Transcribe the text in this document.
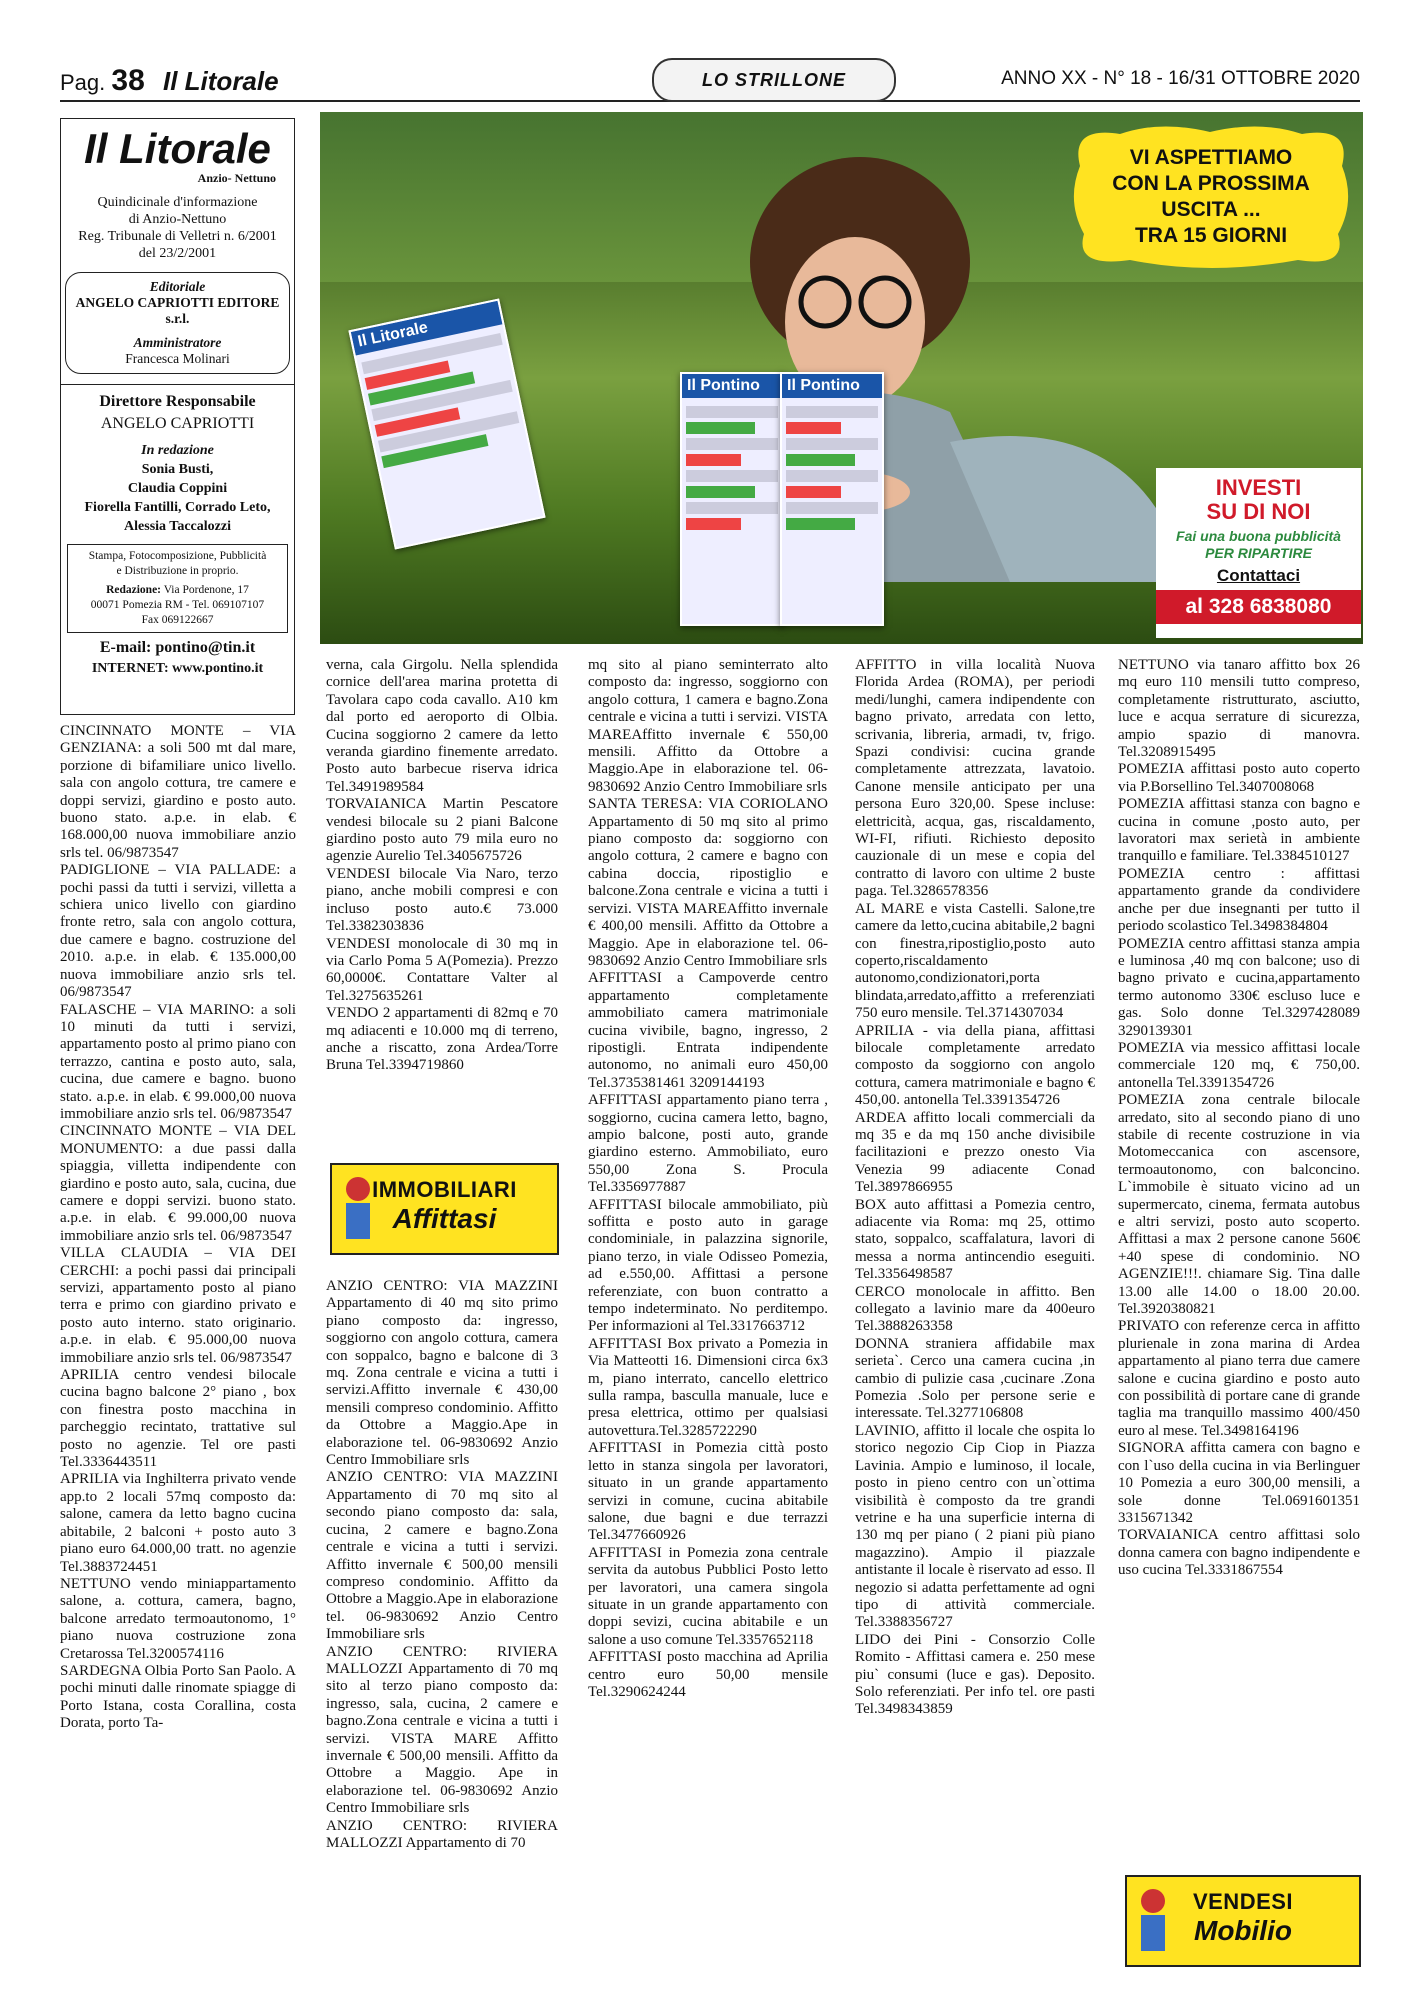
Pag. 38 Il Litorale	LO STRILLONE	ANNO XX - N° 18 - 16/31 OTTOBRE 2020
Il Litorale
Anzio- Nettuno
Quindicinale d'informazione
di Anzio-Nettuno
Reg. Tribunale di Velletri n. 6/2001
del 23/2/2001
Editoriale
ANGELO CAPRIOTTI EDITORE s.r.l.
Amministratore
Francesca Molinari
Direttore Responsabile
ANGELO CAPRIOTTI
In redazione
Sonia Busti,
Claudia Coppini
Fiorella Fantilli, Corrado Leto,
Alessia Taccalozzi
Stampa, Fotocomposizione, Pubblicità
e Distribuzione in proprio.
Redazione: Via Pordenone, 17
00071 Pomezia RM - Tel. 069107107
Fax 069122667
E-mail: pontino@tin.it
INTERNET: www.pontino.it
VI ASPETTIAMO
CON LA PROSSIMA
USCITA ...
TRA 15 GIORNI
Il Litorale
Il Pontino	Il Pontino
INVESTI
SU DI NOI
Fai una buona pubblicità
PER RIPARTIRE
Contattaci
al 328 6838080

CINCINNATO MONTE – VIA GENZIANA: a soli 500 mt dal mare, porzione di bifamiliare unico livello. sala con angolo cottura, tre camere e doppi servizi, giardino e posto auto. buono stato. a.p.e. in elab. € 168.000,00 nuova immobiliare anzio srls tel. 06/9873547

PADIGLIONE – VIA PALLADE: a pochi passi da tutti i servizi, villetta a schiera unico livello con giardino fronte retro, sala con angolo cottura, due camere e bagno. costruzione del 2010. a.p.e. in elab. € 135.000,00 nuova immobiliare anzio srls tel. 06/9873547

FALASCHE – VIA MARINO: a soli 10 minuti da tutti i servizi, appartamento posto al primo piano con terrazzo, cantina e posto auto, sala, cucina, due camere e bagno. buono stato. a.p.e. in elab. € 99.000,00 nuova immobiliare anzio srls tel. 06/9873547

CINCINNATO MONTE – VIA DEL MONUMENTO: a due passi dalla spiaggia, villetta indipendente con giardino e posto auto, sala, cucina, due camere e doppi servizi. buono stato. a.p.e. in elab. € 99.000,00 nuova immobiliare anzio srls tel. 06/9873547

VILLA CLAUDIA – VIA DEI CERCHI: a pochi passi dai principali servizi, appartamento posto al piano terra e primo con giardino privato e posto auto interno. stato originario. a.p.e. in elab. € 95.000,00 nuova immobiliare anzio srls tel. 06/9873547

APRILIA centro vendesi bilocale cucina bagno balcone 2° piano , box con finestra posto macchina in parcheggio recintato, trattative sul posto no agenzie. Tel ore pasti Tel.3336443511

APRILIA via Inghilterra privato vende app.to 2 locali 57mq composto da: salone, camera da letto bagno cucina abitabile, 2 balconi + posto auto 3 piano euro 64.000,00 tratt. no agenzie Tel.3883724451

NETTUNO vendo miniappartamento salone, a. cottura, camera, bagno, balcone arredato termoautonomo, 1° piano nuova costruzione zona Cretarossa Tel.3200574116

SARDEGNA Olbia Porto San Paolo. A pochi minuti dalle rinomate spiagge di Porto Istana, costa Corallina, costa Dorata, porto Ta-

verna, cala Girgolu. Nella splendida cornice dell'area marina protetta di Tavolara capo coda cavallo. A10 km dal porto ed aeroporto di Olbia. Cucina soggiorno 2 camere da letto veranda giardino finemente arredato. Posto auto barbecue riserva idrica Tel.3491989584

TORVAIANICA Martin Pescatore vendesi bilocale su 2 piani Balcone giardino posto auto 79 mila euro no agenzie Aurelio Tel.3405675726

VENDESI bilocale Via Naro, terzo piano, anche mobili compresi e con incluso posto auto.€ 73.000 Tel.3382303836

VENDESI monolocale di 30 mq in via Carlo Poma 5 A(Pomezia). Prezzo 60,0000€. Contattare Valter al Tel.3275635261

VENDO 2 appartamenti di 82mq e 70 mq adiacenti e 10.000 mq di terreno, anche a riscatto, zona Ardea/Torre Bruna Tel.3394719860

IMMOBILIARI
Affittasi

ANZIO CENTRO: VIA MAZZINI Appartamento di 40 mq sito primo piano composto da: ingresso, soggiorno con angolo cottura, camera con soppalco, bagno e balcone di 3 mq. Zona centrale e vicina a tutti i servizi.Affitto invernale € 430,00 mensili compreso condominio. Affitto da Ottobre a Maggio.Ape in elaborazione tel. 06-9830692 Anzio Centro Immobiliare srls

ANZIO CENTRO: VIA MAZZINI Appartamento di 70 mq sito al secondo piano composto da: sala, cucina, 2 camere e bagno.Zona centrale e vicina a tutti i servizi. Affitto invernale € 500,00 mensili compreso condominio. Affitto da Ottobre a Maggio.Ape in elaborazione tel. 06-9830692 Anzio Centro Immobiliare srls

ANZIO CENTRO: RIVIERA MALLOZZI Appartamento di 70 mq sito al terzo piano composto da: ingresso, sala, cucina, 2 camere e bagno.Zona centrale e vicina a tutti i servizi. VISTA MARE Affitto invernale € 500,00 mensili. Affitto da Ottobre a Maggio. Ape in elaborazione tel. 06-9830692 Anzio Centro Immobiliare srls

ANZIO CENTRO: RIVIERA MALLOZZI Appartamento di 70

mq sito al piano seminterrato alto composto da: ingresso, soggiorno con angolo cottura, 1 camera e bagno.Zona centrale e vicina a tutti i servizi. VISTA MAREAffitto invernale € 550,00 mensili. Affitto da Ottobre a Maggio.Ape in elaborazione tel. 06-9830692 Anzio Centro Immobiliare srls

SANTA TERESA: VIA CORIOLANO Appartamento di 50 mq sito al primo piano composto da: soggiorno con angolo cottura, 2 camere e bagno con cabina doccia, ripostiglio e balcone.Zona centrale e vicina a tutti i servizi. VISTA MAREAffitto invernale € 400,00 mensili. Affitto da Ottobre a Maggio. Ape in elaborazione tel. 06-9830692 Anzio Centro Immobiliare srls

AFFITTASI a Campoverde centro appartamento completamente ammobiliato camera matrimoniale cucina vivibile, bagno, ingresso, 2 ripostigli. Entrata indipendente autonomo, no animali euro 450,00 Tel.3735381461 3209144193

AFFITTASI appartamento piano terra , soggiorno, cucina camera letto, bagno, ampio balcone, posti auto, grande giardino esterno. Ammobiliato, euro 550,00 Zona S. Procula Tel.3356977887

AFFITTASI bilocale ammobiliato, più soffitta e posto auto in garage condominiale, in palazzina signorile, piano terzo, in viale Odisseo Pomezia, ad e.550,00. Affittasi a persone referenziate, con buon contratto a tempo indeterminato. No perditempo. Per informazioni al Tel.3317663712

AFFITTASI Box privato a Pomezia in Via Matteotti 16. Dimensioni circa 6x3 m, piano interrato, cancello elettrico sulla rampa, basculla manuale, luce e presa elettrica, ottimo per qualsiasi autovettura.Tel.3285722290

AFFITTASI in Pomezia città posto letto in stanza singola per lavoratori, situato in un grande appartamento servizi in comune, cucina abitabile salone, due bagni e due terrazzi Tel.3477660926

AFFITTASI in Pomezia zona centrale servita da autobus Pubblici Posto letto per lavoratori, una camera singola situate in un grande appartamento con doppi sevizi, cucina abitabile e un salone a uso comune Tel.3357652118

AFFITTASI posto macchina ad Aprilia centro euro 50,00 mensile Tel.3290624244

AFFITTO in villa località Nuova Florida Ardea (ROMA), per periodi medi/lunghi, camera indipendente con bagno privato, arredata con letto, scrivania, libreria, armadi, tv, frigo. Spazi condivisi: cucina grande completamente attrezzata, lavatoio. Canone mensile anticipato per una persona Euro 320,00. Spese incluse: elettricità, acqua, gas, riscaldamento, WI-FI, rifiuti. Richiesto deposito cauzionale di un mese e copia del contratto di lavoro con ultime 2 buste paga. Tel.3286578356

AL MARE e vista Castelli. Salone,tre camere da letto,cucina abitabile,2 bagni con finestra,ripostiglio,posto auto coperto,riscaldamento autonomo,condizionatori,porta blindata,arredato,affitto a rreferenziati 750 euro mensile. Tel.3714307034

APRILIA - via della piana, affittasi bilocale completamente arredato composto da soggiorno con angolo cottura, camera matrimoniale e bagno € 450,00. antonella Tel.3391354726

ARDEA affitto locali commerciali da mq 35 e da mq 150 anche divisibile facilitazioni e prezzo onesto Via Venezia 99 adiacente Conad Tel.3897866955

BOX auto affittasi a Pomezia centro, adiacente via Roma: mq 25, ottimo stato, soppalco, scaffalatura, lavori di messa a norma antincendio eseguiti. Tel.3356498587

CERCO monolocale in affitto. Ben collegato a lavinio mare da 400euro Tel.3888263358

DONNA straniera affidabile max serieta`. Cerco una camera cucina ,in cambio di pulizie casa ,cucinare .Zona Pomezia .Solo per persone serie e interessate. Tel.3277106808

LAVINIO, affitto il locale che ospita lo storico negozio Cip Ciop in Piazza Lavinia. Ampio e luminoso, il locale, posto in pieno centro con un`ottima visibilità è composto da tre grandi vetrine e ha una superficie interna di 130 mq per piano ( 2 piani più piano magazzino). Ampio il piazzale antistante il locale è riservato ad esso. Il negozio si adatta perfettamente ad ogni tipo di attività commerciale. Tel.3388356727

LIDO dei Pini - Consorzio Colle Romito - Affittasi camera e. 250 mese piu` consumi (luce e gas). Deposito. Solo referenziati. Per info tel. ore pasti Tel.3498343859

NETTUNO via tanaro affitto box 26 mq euro 110 mensili tutto compreso, completamente ristrutturato, asciutto, luce e acqua serrature di sicurezza, ampio spazio di manovra. Tel.3208915495

POMEZIA affittasi posto auto coperto via P.Borsellino Tel.3407008068

POMEZIA affittasi stanza con bagno e cucina in comune ,posto auto, per lavoratori max serietà in ambiente tranquillo e familiare. Tel.3384510127

POMEZIA centro : affittasi appartamento grande da condividere anche per due insegnanti per tutto il periodo scolastico Tel.3498384804

POMEZIA centro affittasi stanza ampia e luminosa ,40 mq con balcone; uso di bagno privato e cucina,appartamento termo autonomo 330€ escluso luce e gas. Solo donne Tel.3297428089 3290139301

POMEZIA via messico affittasi locale commerciale 120 mq, € 750,00. antonella Tel.3391354726

POMEZIA zona centrale bilocale arredato, sito al secondo piano di uno stabile di recente costruzione in via Motomeccanica con ascensore, termoautonomo, con balconcino. L`immobile è situato vicino ad un supermercato, cinema, fermata autobus e altri servizi, posto auto scoperto. Affittasi a max 2 persone canone 560€+40 spese di condominio. NO AGENZIE!!!. chiamare Sig. Tina dalle 13.00 alle 14.00 o 18.00 20.00. Tel.3920380821

PRIVATO con referenze cerca in affitto plurienale in zona marina di Ardea appartamento al piano terra due camere salone e cucina giardino e posto auto con possibilità di portare cane di grande taglia ma tranquillo massimo 400/450 euro al mese. Tel.3498164196

SIGNORA affitta camera con bagno e con l`uso della cucina in via Berlinguer 10 Pomezia a euro 300,00 mensili, a sole donne Tel.0691601351 3315671342

TORVAIANICA centro affittasi solo donna camera con bagno indipendente e uso cucina Tel.3331867554

VENDESI
Mobilio
